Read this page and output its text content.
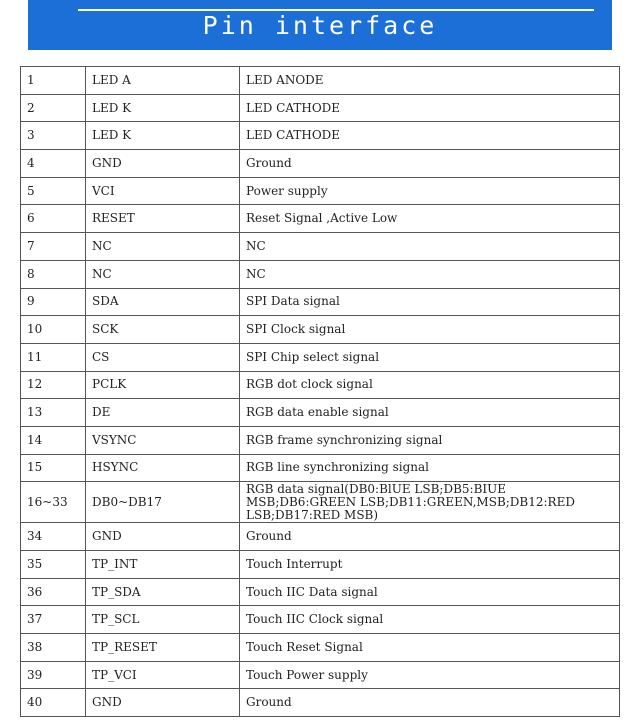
Pin interface
1	LED A	LED ANODE
2	LED K	LED CATHODE
3	LED K	LED CATHODE
4	GND	Ground
5	VCI	Power supply
6	RESET	Reset Signal ,Active Low
7	NC	NC
8	NC	NC
9	SDA	SPI Data signal
10	SCK	SPI Clock signal
11	CS	SPI Chip select signal
12	PCLK	RGB dot clock signal
13	DE	RGB data enable signal
14	VSYNC	RGB frame synchronizing signal
15	HSYNC	RGB line synchronizing signal
16~33	DB0~DB17	RGB data signal(DB0:BlUE LSB;DB5:BIUE MSB;DB6:GREEN LSB;DB11:GREEN,MSB;DB12:RED LSB;DB17:RED MSB)
34	GND	Ground
35	TP_INT	Touch Interrupt
36	TP_SDA	Touch IIC Data signal
37	TP_SCL	Touch IIC Clock signal
38	TP_RESET	Touch Reset Signal
39	TP_VCI	Touch Power supply
40	GND	Ground
